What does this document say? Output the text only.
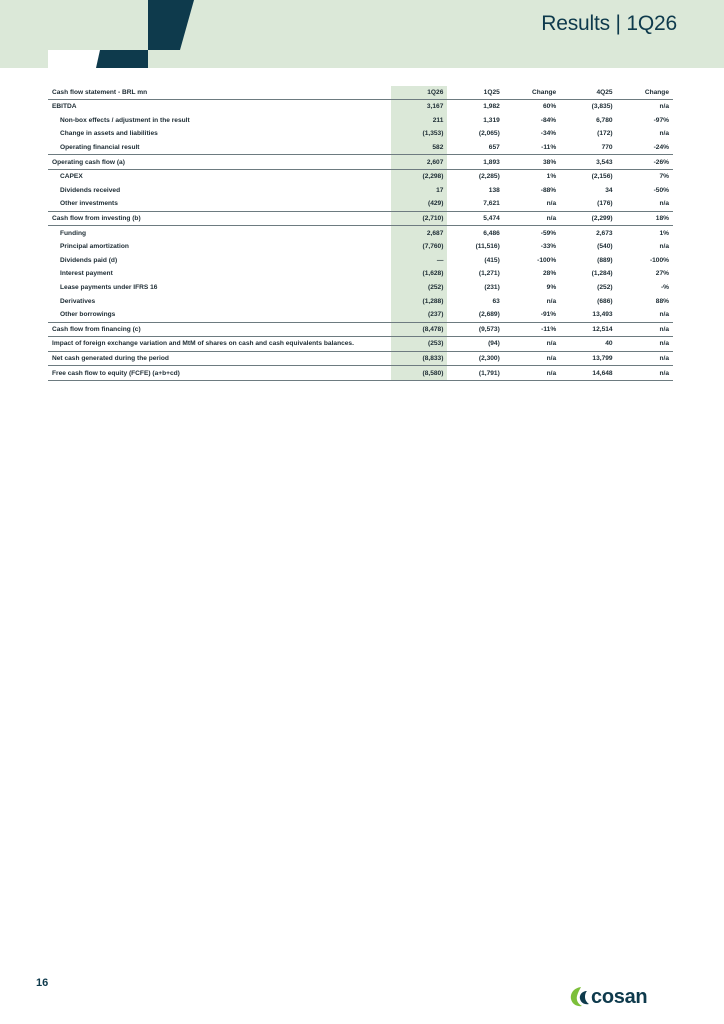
Results | 1Q26
Cash flow statement - BRL mn	1Q26	1Q25	Change	4Q25	Change
EBITDA	3,167	1,982	60%	(3,835)	n/a
Non-box effects / adjustment in the result	211	1,319	-84%	6,780	-97%
Change in assets and liabilities	(1,353)	(2,065)	-34%	(172)	n/a
Operating financial result	582	657	-11%	770	-24%
Operating cash flow (a)	2,607	1,893	38%	3,543	-26%
CAPEX	(2,298)	(2,285)	1%	(2,156)	7%
Dividends received	17	138	-88%	34	-50%
Other investments	(429)	7,621	n/a	(176)	n/a
Cash flow from investing (b)	(2,710)	5,474	n/a	(2,299)	18%
Funding	2,687	6,486	-59%	2,673	1%
Principal amortization	(7,760)	(11,516)	-33%	(540)	n/a
Dividends paid (d)	—	(415)	-100%	(889)	-100%
Interest payment	(1,628)	(1,271)	28%	(1,284)	27%
Lease payments under IFRS 16	(252)	(231)	9%	(252)	-%
Derivatives	(1,288)	63	n/a	(686)	88%
Other borrowings	(237)	(2,689)	-91%	13,493	n/a
Cash flow from financing (c)	(8,478)	(9,573)	-11%	12,514	n/a
Impact of foreign exchange variation and MtM of shares on cash and cash equivalents balances.	(253)	(94)	n/a	40	n/a
Net cash generated during the period	(8,833)	(2,300)	n/a	13,799	n/a
Free cash flow to equity (FCFE) (a+b+cd)	(8,580)	(1,791)	n/a	14,648	n/a
16
cosan
